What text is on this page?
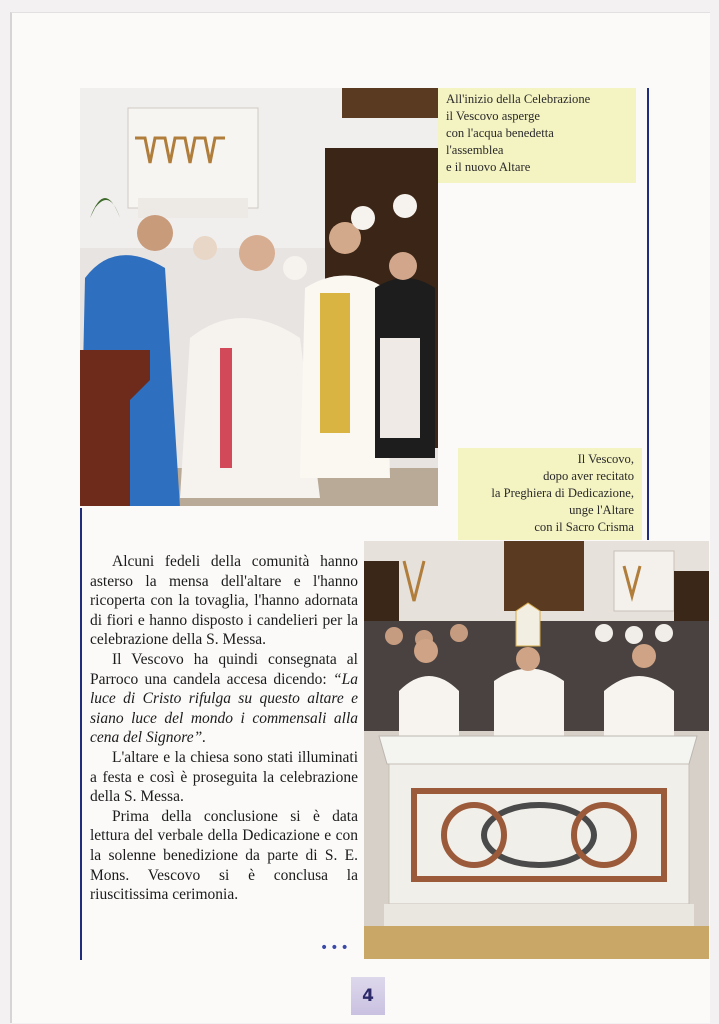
All'inizio della Celebrazione
il Vescovo asperge
con l'acqua benedetta
l'assemblea
e il nuovo Altare
Il Vescovo,
dopo aver recitato
la Preghiera di Dedicazione,
unge l'Altare
con il Sacro Crisma

Alcuni fedeli della comunità hanno asterso la mensa dell'altare e l'hanno ricoperta con la tovaglia, l'hanno adornata di fiori e hanno disposto i candelieri per la celebrazione della S. Messa.

Il Vescovo ha quindi consegnata al Parroco una candela accesa dicendo: “La luce di Cristo rifulga su questo altare e siano luce del mondo i commensali alla cena del Signore”.

L'altare e la chiesa sono stati illuminati a festa e così è proseguita la celebrazione della S. Messa.

Prima della conclusione si è data lettura del verbale della Dedicazione e con la solenne benedizione da parte di S. E. Mons. Vescovo si è conclusa la riuscitissima cerimonia.

•••
4
